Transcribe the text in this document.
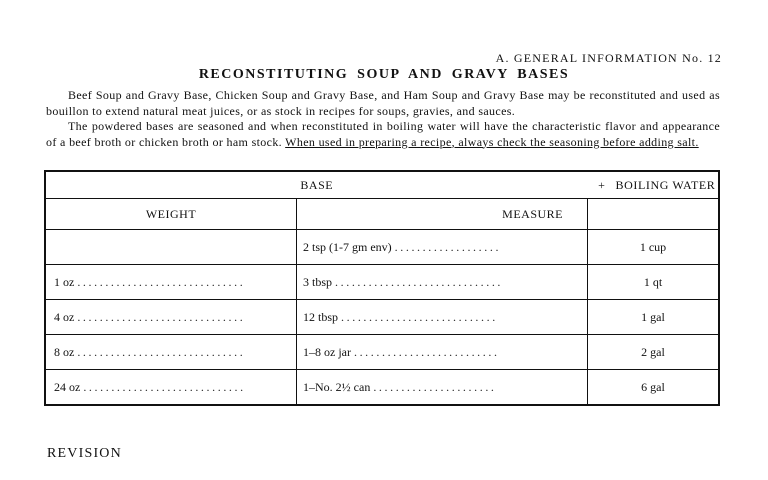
A. GENERAL INFORMATION No. 12
RECONSTITUTING SOUP AND GRAVY BASES

Beef Soup and Gravy Base, Chicken Soup and Gravy Base, and Ham Soup and Gravy Base may be reconstituted and used as bouillon to extend natural meat juices, or as stock in recipes for soups, gravies, and sauces.

The powdered bases are seasoned and when reconstituted in boiling water will have the characteristic flavor and appearance of a beef broth or chicken broth or ham stock. When used in preparing a recipe, always check the seasoning before adding salt.

BASE		+ BOILING WATER
WEIGHT	MEASURE	
	2 tsp (1-7 gm env) ...................	1 cup
1 oz ..............................	3 tbsp ..............................	1 qt
4 oz ..............................	12 tbsp ............................	1 gal
8 oz ..............................	1–8 oz jar ..........................	2 gal
24 oz .............................	1–No. 2½ can ......................	6 gal
REVISION
